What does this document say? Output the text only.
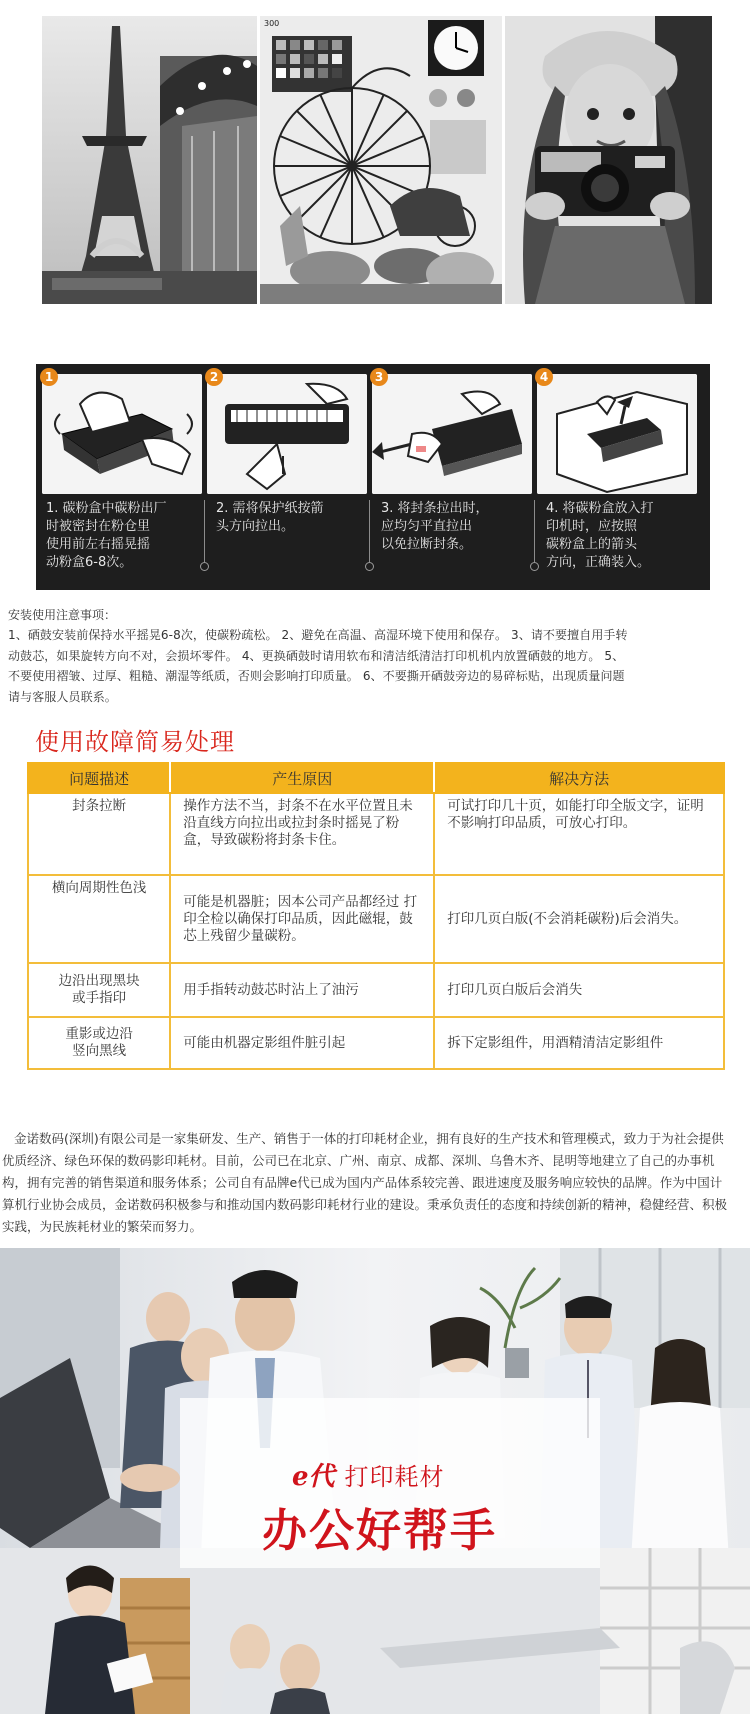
300
1	2	3	4
1. 碳粉盒中碳粉出厂
时被密封在粉仓里
使用前左右摇晃摇
动粉盒6-8次。
2. 需将保护纸按箭
头方向拉出。
3. 将封条拉出时，
应均匀平直拉出
以免拉断封条。
4. 将碳粉盒放入打
印机时，应按照
碳粉盒上的箭头
方向，正确装入。
安装使用注意事项：
1、硒鼓安装前保持水平摇晃6-8次，使碳粉疏松。 2、避免在高温、高湿环境下使用和保存。 3、请不要擅自用手转
动鼓芯，如果旋转方向不对，会损坏零件。 4、更换硒鼓时请用软布和清洁纸清洁打印机机内放置硒鼓的地方。 5、
不要使用褶皱、过厚、粗糙、潮湿等纸质，否则会影响打印质量。 6、不要撕开硒鼓旁边的易碎标贴，出现质量问题
请与客服人员联系。
使用故障简易处理
问题描述	产生原因	解决方法
封条拉断	操作方法不当，封条不在水平位置且未沿直线方向拉出或拉封条时摇晃了粉盒，导致碳粉将封条卡住。	可试打印几十页，如能打印全版文字，证明不影响打印品质，可放心打印。
横向周期性色浅	可能是机器脏；因本公司产品都经过 打印全检以确保打印品质，因此磁辊，鼓芯上残留少量碳粉。	打印几页白版(不会消耗碳粉)后会消失。
边沿出现黑块
或手指印	用手指转动鼓芯时沾上了油污	打印几页白版后会消失
重影或边沿
竖向黑线	可能由机器定影组件脏引起	拆下定影组件，用酒精清洁定影组件
金诺数码(深圳)有限公司是一家集研发、生产、销售于一体的打印耗材企业，拥有良好的生产技术和管理模式，致力于为社会提供优质经济、绿色环保的数码影印耗材。目前，公司已在北京、广州、南京、成都、深圳、乌鲁木齐、昆明等地建立了自己的办事机构，拥有完善的销售渠道和服务体系；公司自有品牌e代已成为国内产品体系较完善、跟进速度及服务响应较快的品牌。作为中国计算机行业协会成员，金诺数码积极参与和推动国内数码影印耗材行业的建设。秉承负责任的态度和持续创新的精神，稳健经营、积极实践，为民族耗材业的繁荣而努力。
e代 打印耗材
办公好帮手
